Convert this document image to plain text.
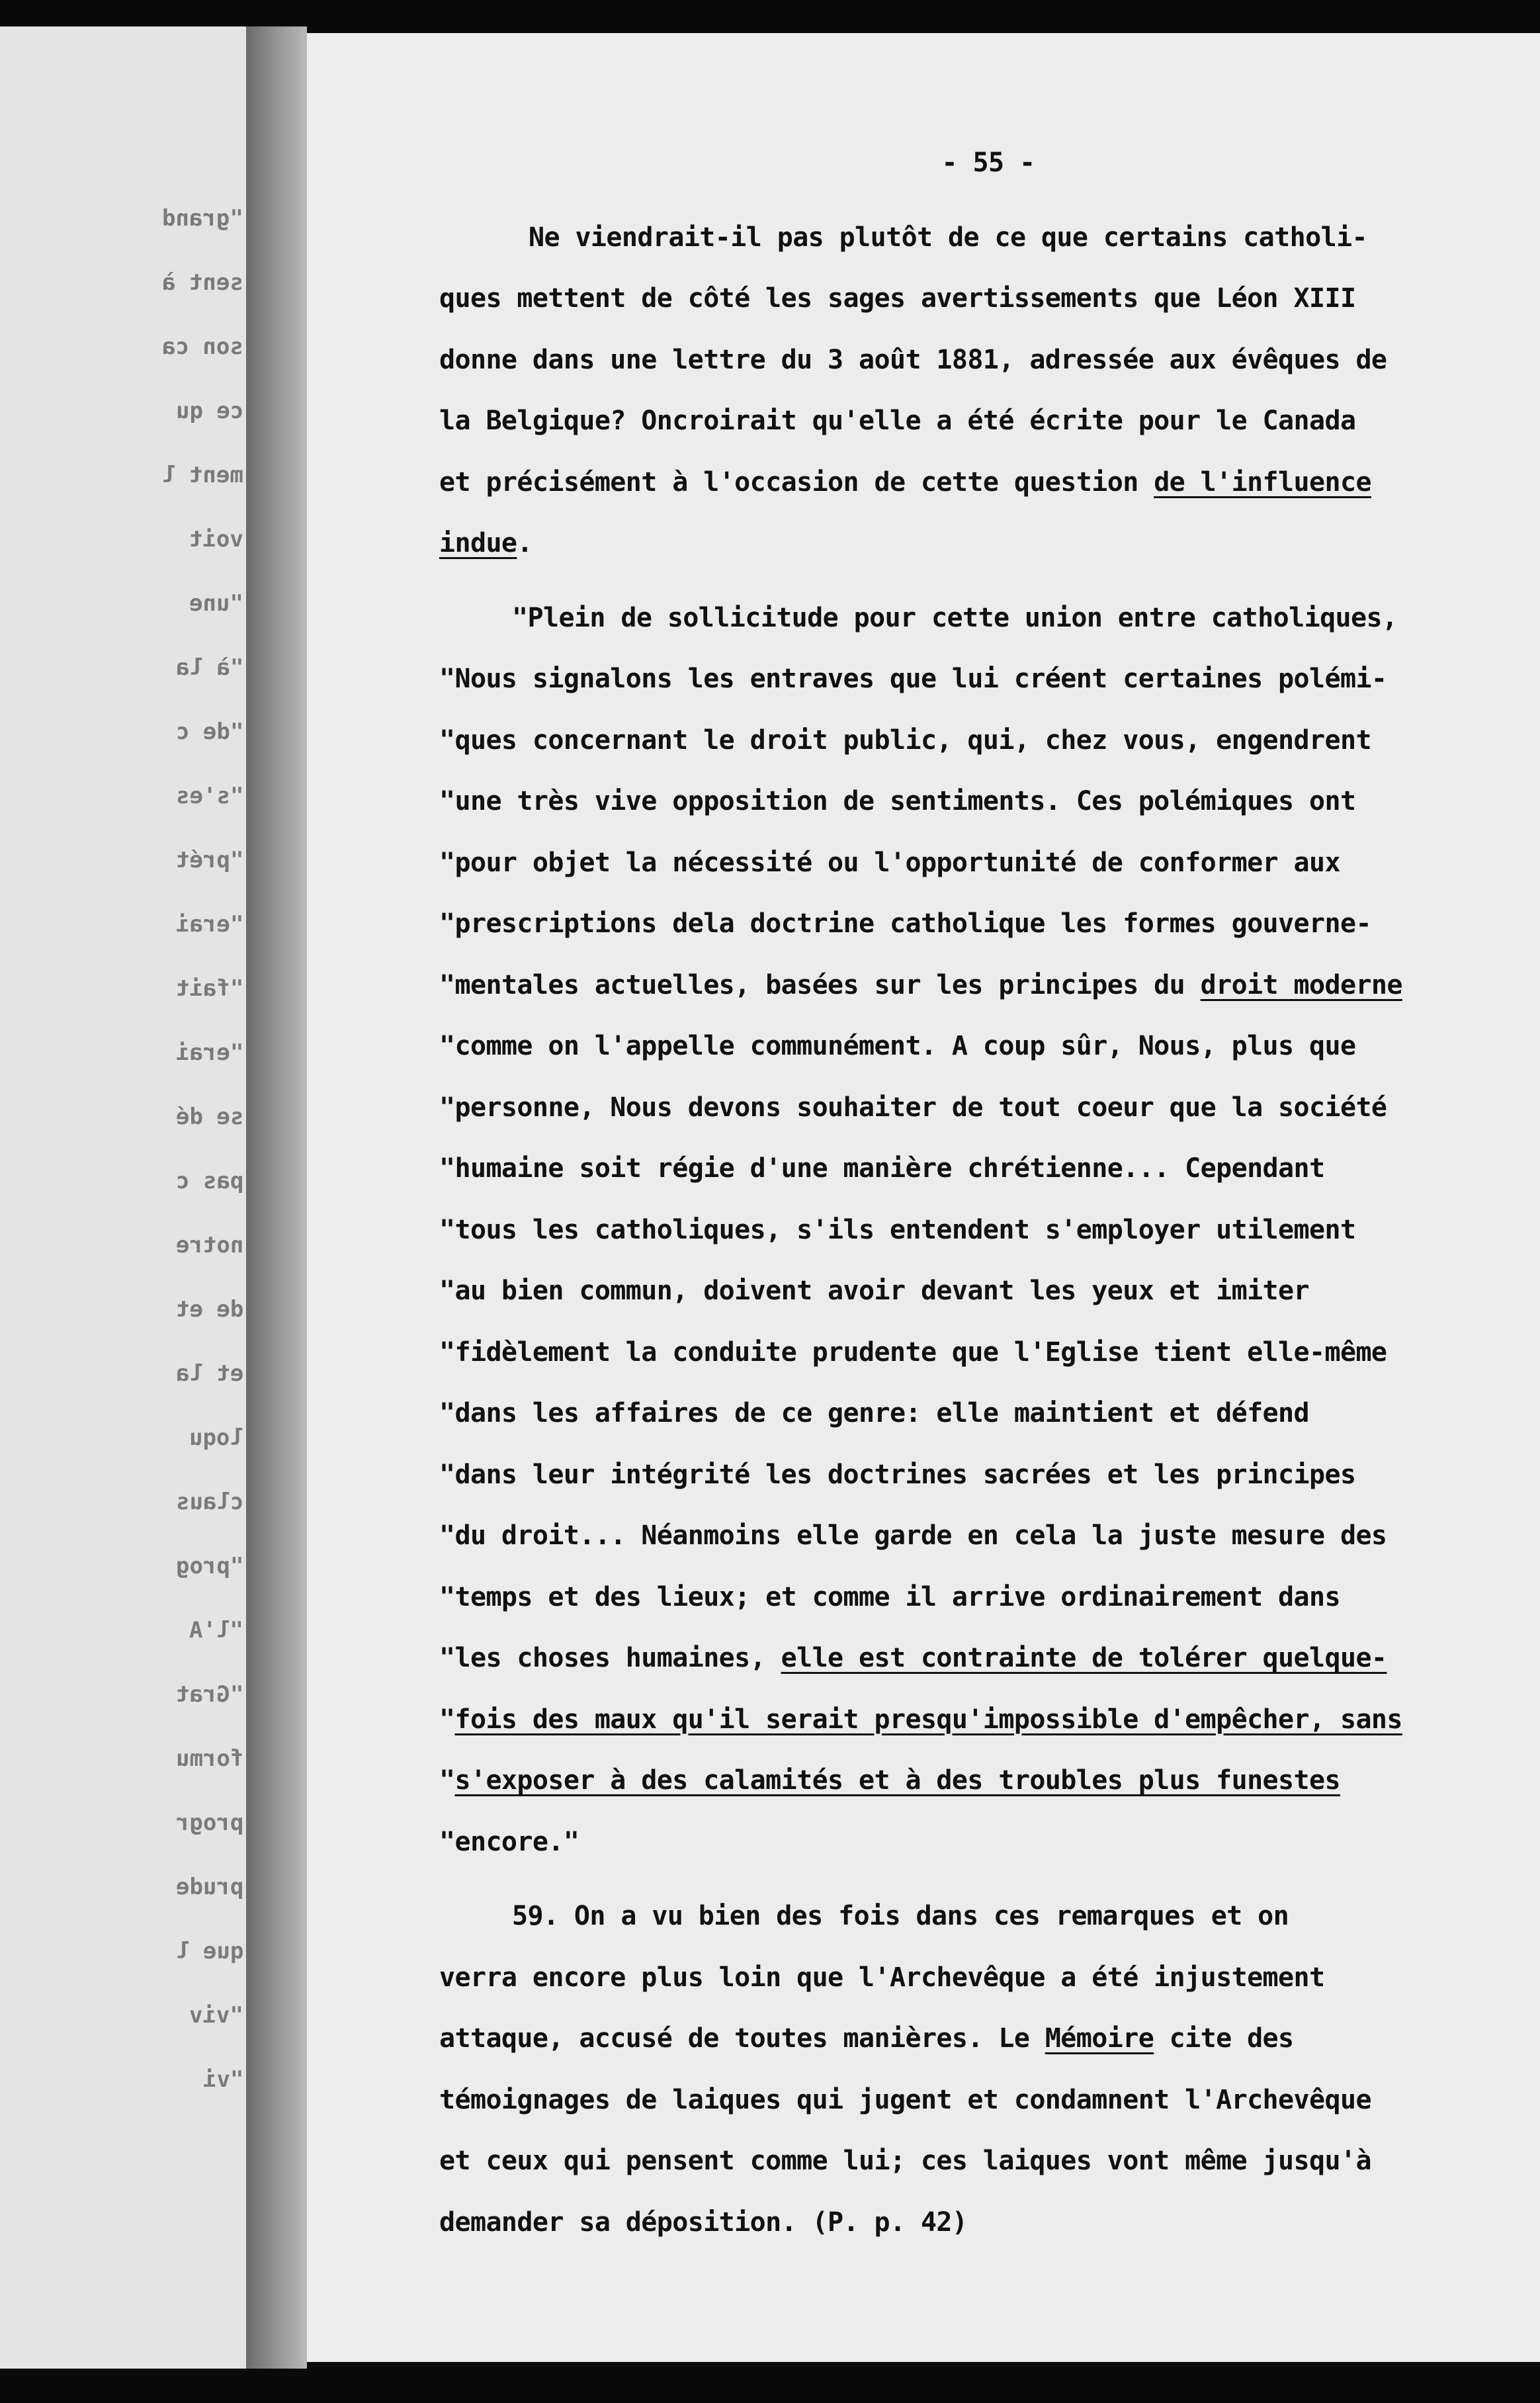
"grand
sent à
son ca
ce qu
ment l
voit
"une
"à la
"de c
"s'es
"prét
"erai
"fait
"erai
se dé
pas c
notre
de et
et la
loqu
claus
"prog
"l'A
"Grat
formu
progr
prude
que l
"viv
"vi
- 55 -
Ne viendrait-il pas plutôt de ce que certains catholi-
ques mettent de côté les sages avertissements que Léon XIII
donne dans une lettre du 3 août 1881, adressée aux évêques de
la Belgique? Oncroirait qu'elle a été écrite pour le Canada
et précisément à l'occasion de cette question de l'influence
indue.
"Plein de sollicitude pour cette union entre catholiques,
"Nous signalons les entraves que lui créent certaines polémi-
"ques concernant le droit public, qui, chez vous, engendrent
"une très vive opposition de sentiments. Ces polémiques ont
"pour objet la nécessité ou l'opportunité de conformer aux
"prescriptions dela doctrine catholique les formes gouverne-
"mentales actuelles, basées sur les principes du droit moderne
"comme on l'appelle communément. A coup sûr, Nous, plus que
"personne, Nous devons souhaiter de tout coeur que la société
"humaine soit régie d'une manière chrétienne... Cependant
"tous les catholiques, s'ils entendent s'employer utilement
"au bien commun, doivent avoir devant les yeux et imiter
"fidèlement la conduite prudente que l'Eglise tient elle-même
"dans les affaires de ce genre: elle maintient et défend
"dans leur intégrité les doctrines sacrées et les principes
"du droit... Néanmoins elle garde en cela la juste mesure des
"temps et des lieux; et comme il arrive ordinairement dans
"les choses humaines, elle est contrainte de tolérer quelque-
"fois des maux qu'il serait presqu'impossible d'empêcher, sans
"s'exposer à des calamités et à des troubles plus funestes
"encore."
59. On a vu bien des fois dans ces remarques et on
verra encore plus loin que l'Archevêque a été injustement
attaque, accusé de toutes manières. Le Mémoire cite des
témoignages de laiques qui jugent et condamnent l'Archevêque
et ceux qui pensent comme lui; ces laiques vont même jusqu'à
demander sa déposition. (P. p. 42)
